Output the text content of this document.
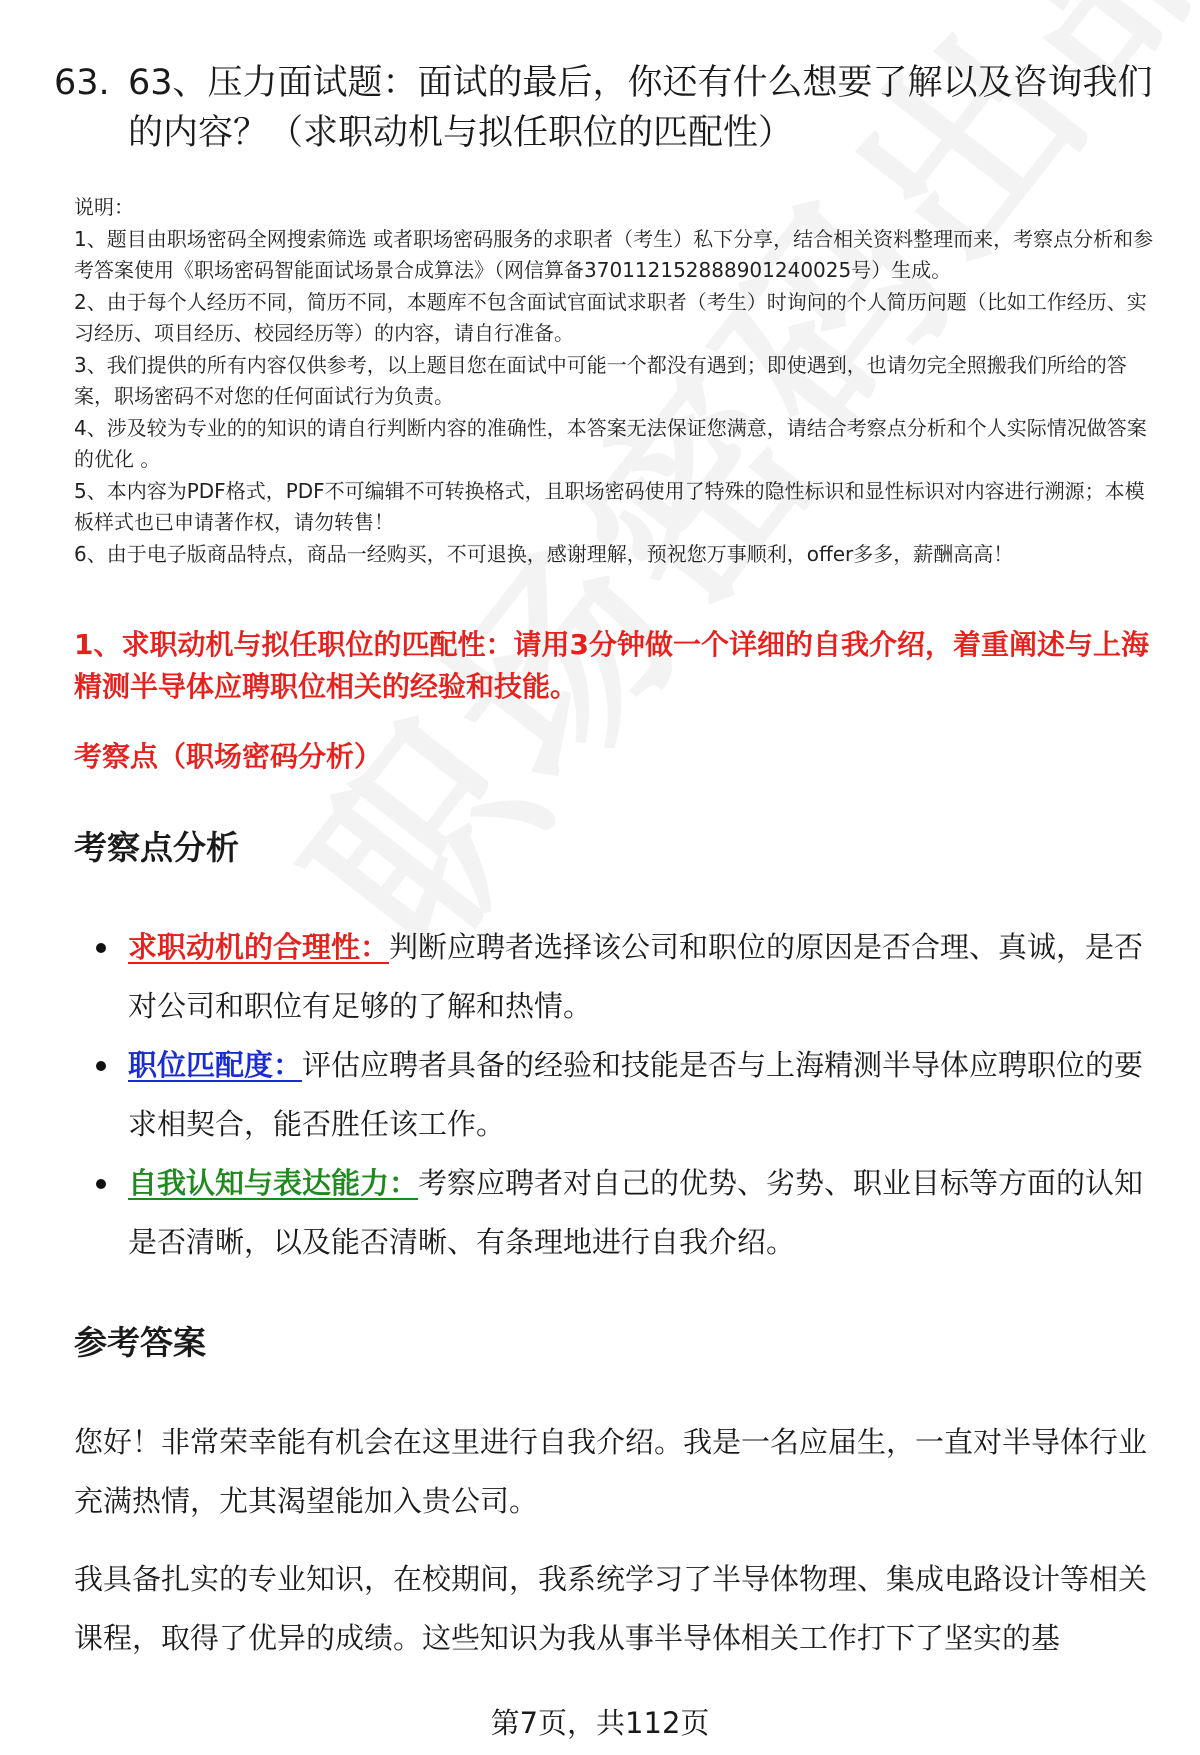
63. 63、压力面试题：面试的最后，你还有什么想要了解以及咨询我们的内容？（求职动机与拟任职位的匹配性）

说明：

1、题目由职场密码全网搜索筛选 或者职场密码服务的求职者（考生）私下分享，结合相关资料整理而来，考察点分析和参考答案使用《职场密码智能面试场景合成算法》（网信算备370112152888901240025号）生成。

2、由于每个人经历不同，简历不同，本题库不包含面试官面试求职者（考生）时询问的个人简历问题（比如工作经历、实习经历、项目经历、校园经历等）的内容，请自行准备。

3、我们提供的所有内容仅供参考，以上题目您在面试中可能一个都没有遇到；即使遇到，也请勿完全照搬我们所给的答案，职场密码不对您的任何面试行为负责。

4、涉及较为专业的的知识的请自行判断内容的准确性，本答案无法保证您满意，请结合考察点分析和个人实际情况做答案的优化 。

5、本内容为PDF格式，PDF不可编辑不可转换格式，且职场密码使用了特殊的隐性标识和显性标识对内容进行溯源；本模板样式也已申请著作权，请勿转售！

6、由于电子版商品特点，商品一经购买，不可退换，感谢理解，预祝您万事顺利，offer多多，薪酬高高！

1、求职动机与拟任职位的匹配性：请用3分钟做一个详细的自我介绍，着重阐述与上海精测半导体应聘职位相关的经验和技能。
考察点（职场密码分析）
考察点分析
求职动机的合理性：判断应聘者选择该公司和职位的原因是否合理、真诚，是否对公司和职位有足够的了解和热情。
职位匹配度：评估应聘者具备的经验和技能是否与上海精测半导体应聘职位的要求相契合，能否胜任该工作。
自我认知与表达能力：考察应聘者对自己的优势、劣势、职业目标等方面的认知是否清晰，以及能否清晰、有条理地进行自我介绍。
参考答案

您好！非常荣幸能有机会在这里进行自我介绍。我是一名应届生，一直对半导体行业充满热情，尤其渴望能加入贵公司。

我具备扎实的专业知识，在校期间，我系统学习了半导体物理、集成电路设计等相关课程，取得了优异的成绩。这些知识为我从事半导体相关工作打下了坚实的基

第7页，共112页
